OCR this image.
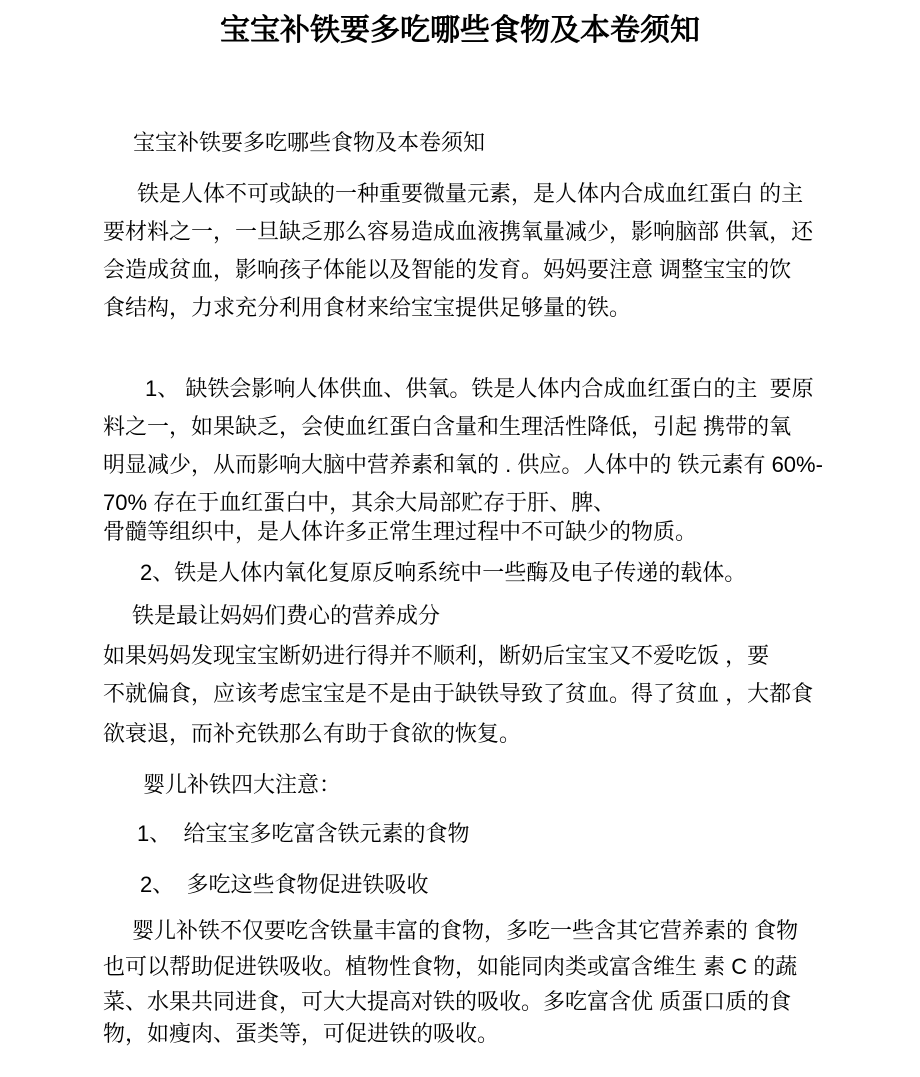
宝宝补铁要多吃哪些食物及本卷须知
宝宝补铁要多吃哪些食物及本卷须知
铁是人体不可或缺的一种重要微量元素，是人体内合成血红蛋白 的主
要材料之一，一旦缺乏那么容易造成血液携氧量减少，影响脑部 供氧，还
会造成贫血，影响孩子体能以及智能的发育。妈妈要注意 调整宝宝的饮
食结构，力求充分利用食材来给宝宝提供足够量的铁。
1、 缺铁会影响人体供血、供氧。铁是人体内合成血红蛋白的主  要原
料之一，如果缺乏，会使血红蛋白含量和生理活性降低，引起 携带的氧
明显减少，从而影响大脑中营养素和氧的 . 供应。人体中的 铁元素有 60%-
70% 存在于血红蛋白中，其余大局部贮存于肝、脾、
骨髓等组织中，是人体许多正常生理过程中不可缺少的物质。
2、铁是人体内氧化复原反响系统中一些酶及电子传递的载体。
铁是最让妈妈们费心的营养成分
如果妈妈发现宝宝断奶进行得并不顺利，断奶后宝宝又不爱吃饭 ，要
不就偏食，应该考虑宝宝是不是由于缺铁导致了贫血。得了贫血 ，大都食
欲衰退，而补充铁那么有助于食欲的恢复。
婴儿补铁四大注意：
1、  给宝宝多吃富含铁元素的食物
2、  多吃这些食物促进铁吸收
婴儿补铁不仅要吃含铁量丰富的食物，多吃一些含其它营养素的 食物
也可以帮助促进铁吸收。植物性食物，如能同肉类或富含维生 素 C 的蔬
菜、水果共同进食，可大大提高对铁的吸收。多吃富含优 质蛋口质的食
物，如瘦肉、蛋类等，可促进铁的吸收。
